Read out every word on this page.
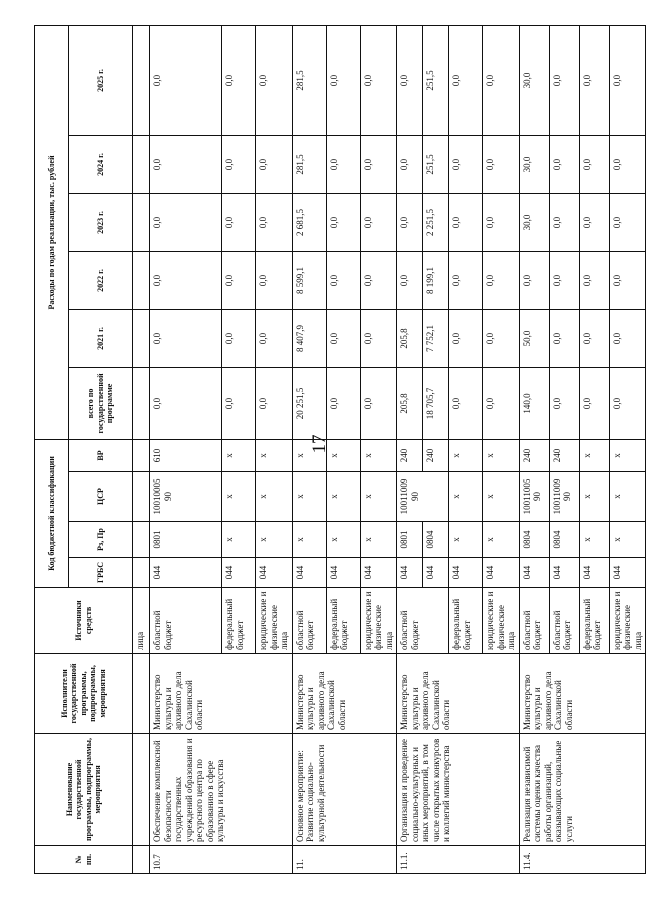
17
№ пп.	Наименование государственной программы, подпрограммы, мероприятия	Исполнители государственной программы, подпрограммы, мероприятия	Источники средств	Код бюджетной классификации				Расходы по годам реализации, тыс. рублей					
				ГРБС	Рз, Пр	ЦСР	ВР	всего по государственной программе	2021 г.	2022 г.	2023 г.	2024 г.	2025 г.
			лица										
10.7	Обеспечение комплексной безопасности государственных учреждений образования и ресурсного центра по образованию в сфере культуры и искусства	Министерство культуры и архивного дела Сахалинской области	областной бюджет	044	0801	10010005 90	610	0,0	0,0	0,0	0,0	0,0	0,0
			федеральный бюджет	044	х	х	х	0,0	0,0	0,0	0,0	0,0	0,0
			юридические и физические лица	044	х	х	х	0,0	0,0	0,0	0,0	0,0	0,0
11.	Основное мероприятие: Развитие социально-культурной деятельности	Министерство культуры и архивного дела Сахалинской области	областной бюджет	044	х	х	х	20 251,5	8 407,9	8 599,1	2 681,5	281,5	281,5
			федеральный бюджет	044	х	х	х	0,0	0,0	0,0	0,0	0,0	0,0
			юридические и физические лица	044	х	х	х	0,0	0,0	0,0	0,0	0,0	0,0
11.1.	Организация и проведение социально-культурных и иных мероприятий, в том числе открытых конкурсов и коллегий министерства	Министерство культуры и архивного дела Сахалинской области	областной бюджет	044	0801	10011009 90	240	205,8	205,8	0,0	0,0	0,0	0,0
				044	0804		240	18 705,7	7 752,1	8 199,1	2 251,5	251,5	251,5
			федеральный бюджет	044	х	х	х	0,0	0,0	0,0	0,0	0,0	0,0
			юридические и физические лица	044	х	х	х	0,0	0,0	0,0	0,0	0,0	0,0
11.4.	Реализация независимой системы оценки качества работы организаций, оказывающих социальные услуги	Министерство культуры и архивного дела Сахалинской области	областной бюджет	044	0804	10011005 90	240	140,0	50,0	0,0	30,0	30,0	30,0
			областной бюджет	044	0804	10011009 90	240	0,0	0,0	0,0	0,0	0,0	0,0
			федеральный бюджет	044	х	х	х	0,0	0,0	0,0	0,0	0,0	0,0
			юридические и физические лица	044	х	х	х	0,0	0,0	0,0	0,0	0,0	0,0
